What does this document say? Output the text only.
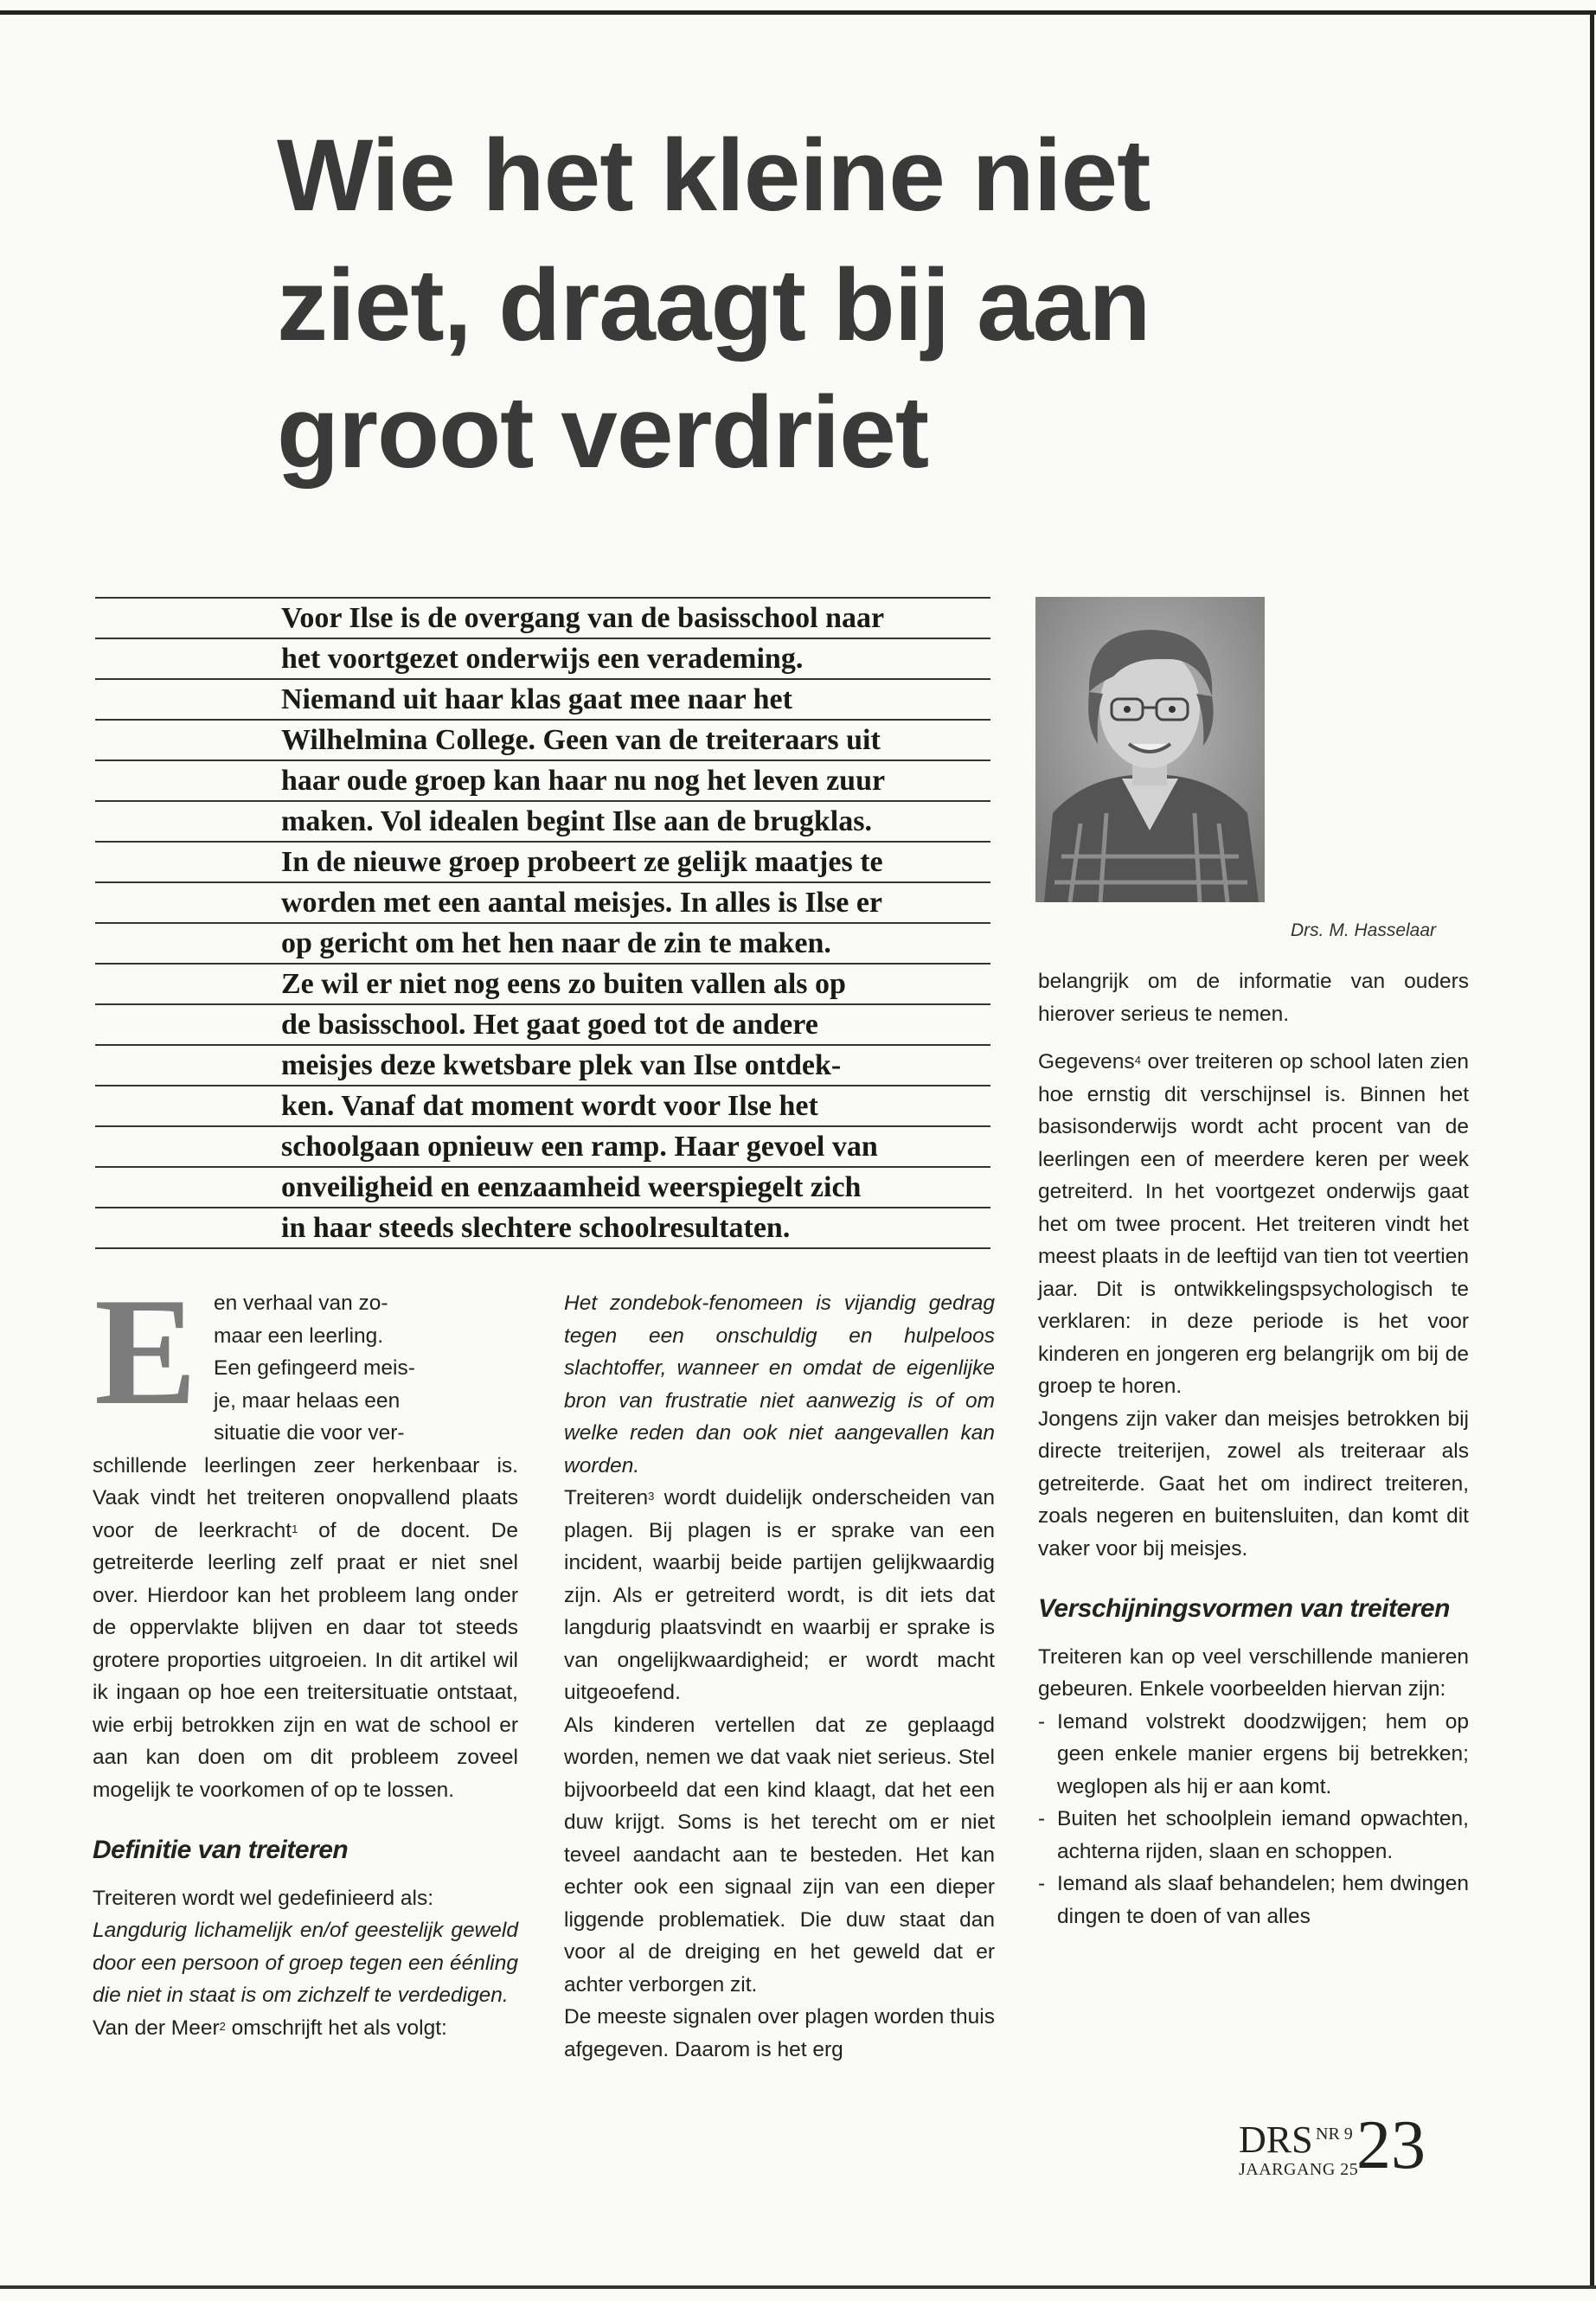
Wie het kleine niet
ziet, draagt bij aan
groot verdriet
Voor Ilse is de overgang van de basisschool naar
het voortgezet onderwijs een verademing.
Niemand uit haar klas gaat mee naar het
Wilhelmina College. Geen van de treiteraars uit
haar oude groep kan haar nu nog het leven zuur
maken. Vol idealen begint Ilse aan de brugklas.
In de nieuwe groep probeert ze gelijk maatjes te
worden met een aantal meisjes. In alles is Ilse er
op gericht om het hen naar de zin te maken.
Ze wil er niet nog eens zo buiten vallen als op
de basisschool. Het gaat goed tot de andere
meisjes deze kwetsbare plek van Ilse ontdek-
ken. Vanaf dat moment wordt voor Ilse het
schoolgaan opnieuw een ramp. Haar gevoel van
onveiligheid en eenzaamheid weerspiegelt zich
in haar steeds slechtere schoolresultaten.
Drs. M. Hasselaar
E en verhaal van zo-

maar een leerling.

Een gefingeerd meis-

je, maar helaas een

situatie die voor ver-

schillende leerlingen zeer herkenbaar is. Vaak vindt het treiteren onopvallend plaats voor de leerkracht$^1$ of de docent. De getreiterde leerling zelf praat er niet snel over. Hierdoor kan het probleem lang onder de oppervlakte blijven en daar tot steeds grotere proporties uitgroeien. In dit artikel wil ik ingaan op hoe een treitersituatie ontstaat, wie erbij betrokken zijn en wat de school er aan kan doen om dit probleem zoveel mogelijk te voorkomen of op te lossen.

Definitie van treiteren

Treiteren wordt wel gedefinieerd als:

Langdurig lichamelijk en/of geestelijk geweld door een persoon of groep tegen een éénling die niet in staat is om zichzelf te verdedigen.

Van der Meer$^2$ omschrijft het als volgt:

Het zondebok-fenomeen is vijandig gedrag tegen een onschuldig en hulpeloos slachtoffer, wanneer en omdat de eigenlijke bron van frustratie niet aanwezig is of om welke reden dan ook niet aangevallen kan worden.

Treiteren$^3$ wordt duidelijk onderscheiden van plagen. Bij plagen is er sprake van een incident, waarbij beide partijen gelijkwaardig zijn. Als er getreiterd wordt, is dit iets dat langdurig plaatsvindt en waarbij er sprake is van ongelijkwaardigheid; er wordt macht uitgeoefend.

Als kinderen vertellen dat ze geplaagd worden, nemen we dat vaak niet serieus. Stel bijvoorbeeld dat een kind klaagt, dat het een duw krijgt. Soms is het terecht om er niet teveel aandacht aan te besteden. Het kan echter ook een signaal zijn van een dieper liggende problematiek. Die duw staat dan voor al de dreiging en het geweld dat er achter verborgen zit.

De meeste signalen over plagen worden thuis afgegeven. Daarom is het erg

belangrijk om de informatie van ouders hierover serieus te nemen.

Gegevens$^4$ over treiteren op school laten zien hoe ernstig dit verschijnsel is. Binnen het basisonderwijs wordt acht procent van de leerlingen een of meerdere keren per week getreiterd. In het voortgezet onderwijs gaat het om twee procent. Het treiteren vindt het meest plaats in de leeftijd van tien tot veertien jaar. Dit is ontwikkelingspsychologisch te verklaren: in deze periode is het voor kinderen en jongeren erg belangrijk om bij de groep te horen.

Jongens zijn vaker dan meisjes betrokken bij directe treiterijen, zowel als treiteraar als getreiterde. Gaat het om indirect treiteren, zoals negeren en buitensluiten, dan komt dit vaker voor bij meisjes.

Verschijningsvormen van treiteren

Treiteren kan op veel verschillende manieren gebeuren. Enkele voorbeelden hiervan zijn:

- Iemand volstrekt doodzwijgen; hem op geen enkele manier ergens bij betrekken; weglopen als hij er aan komt.
- Buiten het schoolplein iemand opwachten, achterna rijden, slaan en schoppen.
- Iemand als slaaf behandelen; hem dwingen dingen te doen of van alles
DRS NR 9
JAARGANG 25
23
